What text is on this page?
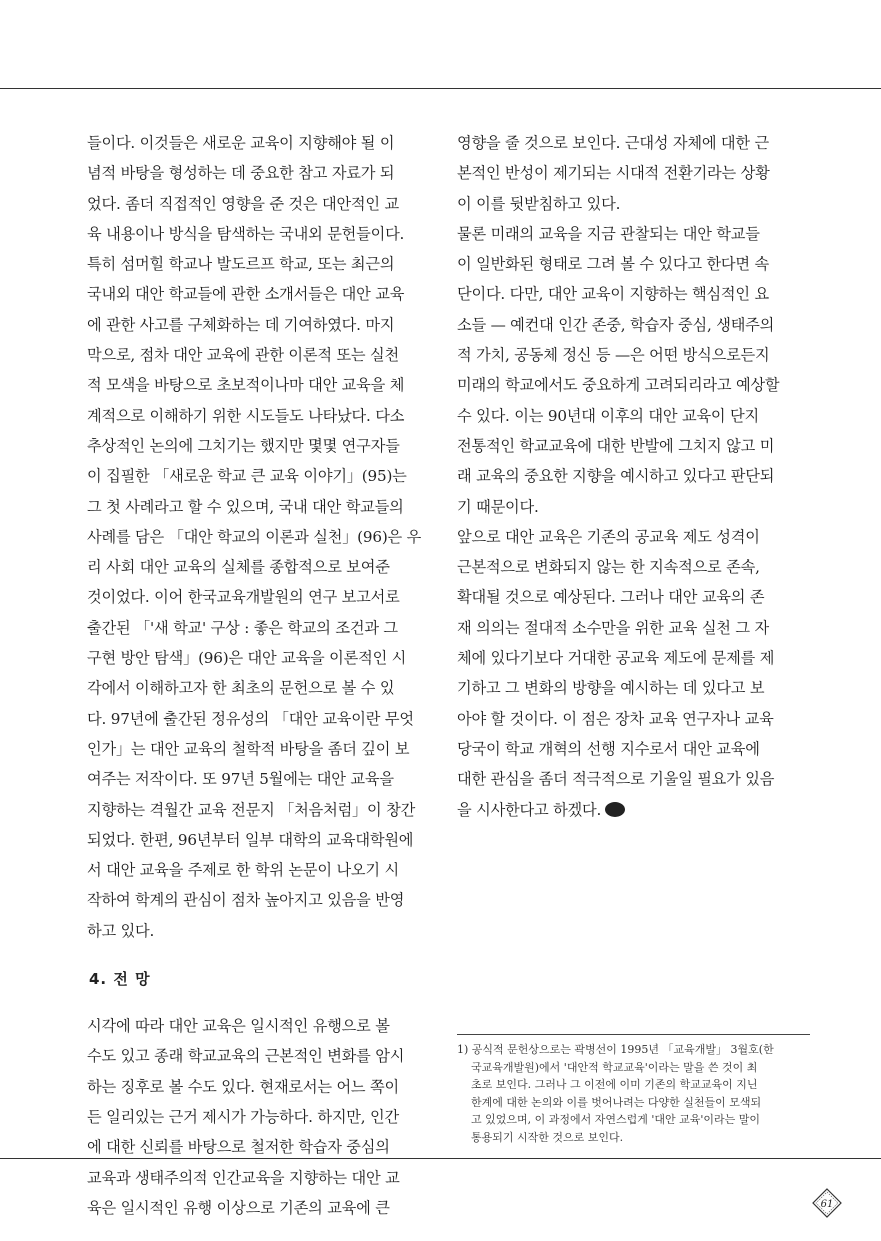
들이다. 이것들은 새로운 교육이 지향해야 될 이
념적 바탕을 형성하는 데 중요한 참고 자료가 되
었다. 좀더 직접적인 영향을 준 것은 대안적인 교
육 내용이나 방식을 탐색하는 국내외 문헌들이다.
특히 섬머힐 학교나 발도르프 학교, 또는 최근의
국내외 대안 학교들에 관한 소개서들은 대안 교육
에 관한 사고를 구체화하는 데 기여하였다. 마지
막으로, 점차 대안 교육에 관한 이론적 또는 실천
적 모색을 바탕으로 초보적이나마 대안 교육을 체
계적으로 이해하기 위한 시도들도 나타났다. 다소
추상적인 논의에 그치기는 했지만 몇몇 연구자들
이 집필한 「새로운 학교 큰 교육 이야기」(95)는
그 첫 사례라고 할 수 있으며, 국내 대안 학교들의
사례를 담은 「대안 학교의 이론과 실천」(96)은 우
리 사회 대안 교육의 실체를 종합적으로 보여준
것이었다. 이어 한국교육개발원의 연구 보고서로
출간된 「'새 학교' 구상 : 좋은 학교의 조건과 그
구현 방안 탐색」(96)은 대안 교육을 이론적인 시
각에서 이해하고자 한 최초의 문헌으로 볼 수 있
다. 97년에 출간된 정유성의 「대안 교육이란 무엇
인가」는 대안 교육의 철학적 바탕을 좀더 깊이 보
여주는 저작이다. 또 97년 5월에는 대안 교육을
지향하는 격월간 교육 전문지 「처음처럼」이 창간
되었다. 한편, 96년부터 일부 대학의 교육대학원에
서 대안 교육을 주제로 한 학위 논문이 나오기 시
작하여 학계의 관심이 점차 높아지고 있음을 반영
하고 있다.

4. 전 망

시각에 따라 대안 교육은 일시적인 유행으로 볼
수도 있고 종래 학교교육의 근본적인 변화를 암시
하는 징후로 볼 수도 있다. 현재로서는 어느 쪽이
든 일리있는 근거 제시가 가능하다. 하지만, 인간
에 대한 신뢰를 바탕으로 철저한 학습자 중심의
교육과 생태주의적 인간교육을 지향하는 대안 교
육은 일시적인 유행 이상으로 기존의 교육에 큰

영향을 줄 것으로 보인다. 근대성 자체에 대한 근
본적인 반성이 제기되는 시대적 전환기라는 상황
이 이를 뒷받침하고 있다.

물론 미래의 교육을 지금 관찰되는 대안 학교들
이 일반화된 형태로 그려 볼 수 있다고 한다면 속
단이다. 다만, 대안 교육이 지향하는 핵심적인 요
소들 — 예컨대 인간 존중, 학습자 중심, 생태주의
적 가치, 공동체 정신 등 —은 어떤 방식으로든지
미래의 학교에서도 중요하게 고려되리라고 예상할
수 있다. 이는 90년대 이후의 대안 교육이 단지
전통적인 학교교육에 대한 반발에 그치지 않고 미
래 교육의 중요한 지향을 예시하고 있다고 판단되
기 때문이다.

앞으로 대안 교육은 기존의 공교육 제도 성격이
근본적으로 변화되지 않는 한 지속적으로 존속,
확대될 것으로 예상된다. 그러나 대안 교육의 존
재 의의는 절대적 소수만을 위한 교육 실천 그 자
체에 있다기보다 거대한 공교육 제도에 문제를 제
기하고 그 변화의 방향을 예시하는 데 있다고 보
아야 할 것이다. 이 점은 장차 교육 연구자나 교육
당국이 학교 개혁의 선행 지수로서 대안 교육에
대한 관심을 좀더 적극적으로 기울일 필요가 있음
을 시사한다고 하겠다.

1) 공식적 문헌상으로는 곽병선이 1995년 「교육개발」 3월호(한
국교육개발원)에서 '대안적 학교교육'이라는 말을 쓴 것이 최
초로 보인다. 그러나 그 이전에 이미 기존의 학교교육이 지닌
한계에 대한 논의와 이를 벗어나려는 다양한 실천들이 모색되
고 있었으며, 이 과정에서 자연스럽게 '대안 교육'이라는 말이
통용되기 시작한 것으로 보인다.

61
